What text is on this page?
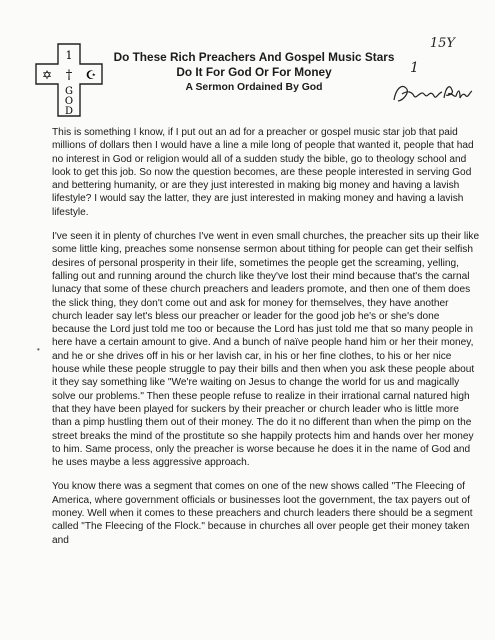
1
✡ † ☪
G
O
D

Do These Rich Preachers And Gospel Music Stars

Do It For God Or For Money

A Sermon Ordained By God
15Y
1
•

This is something I know, if I put out an ad for a preacher or gospel music star job that paid millions of dollars then I would have a line a mile long of people that wanted it, people that had no interest in God or religion would all of a sudden study the bible, go to theology school and look to get this job. So now the question becomes, are these people interested in serving God and bettering humanity, or are they just interested in making big money and having a lavish lifestyle? I would say the latter, they are just interested in making money and having a lavish lifestyle.

I've seen it in plenty of churches I've went in even small churches, the preacher sits up their like some little king, preaches some nonsense sermon about tithing for people can get their selfish desires of personal prosperity in their life, sometimes the people get the screaming, yelling, falling out and running around the church like they've lost their mind because that's the carnal lunacy that some of these church preachers and leaders promote, and then one of them does the slick thing, they don't come out and ask for money for themselves, they have another church leader say let's bless our preacher or leader for the good job he's or she's done because the Lord just told me too or because the Lord has just told me that so many people in here have a certain amount to give. And a bunch of naïve people hand him or her their money, and he or she drives off in his or her lavish car, in his or her fine clothes, to his or her nice house while these people struggle to pay their bills and then when you ask these people about it they say something like "We're waiting on Jesus to change the world for us and magically solve our problems." Then these people refuse to realize in their irrational carnal natured high that they have been played for suckers by their preacher or church leader who is little more than a pimp hustling them out of their money. The do it no different than when the pimp on the street breaks the mind of the prostitute so she happily protects him and hands over her money to him. Same process, only the preacher is worse because he does it in the name of God and he uses maybe a less aggressive approach.

You know there was a segment that comes on one of the new shows called "The Fleecing of America, where government officials or businesses loot the government, the tax payers out of money. Well when it comes to these preachers and church leaders there should be a segment called "The Fleecing of the Flock." because in churches all over people get their money taken and
